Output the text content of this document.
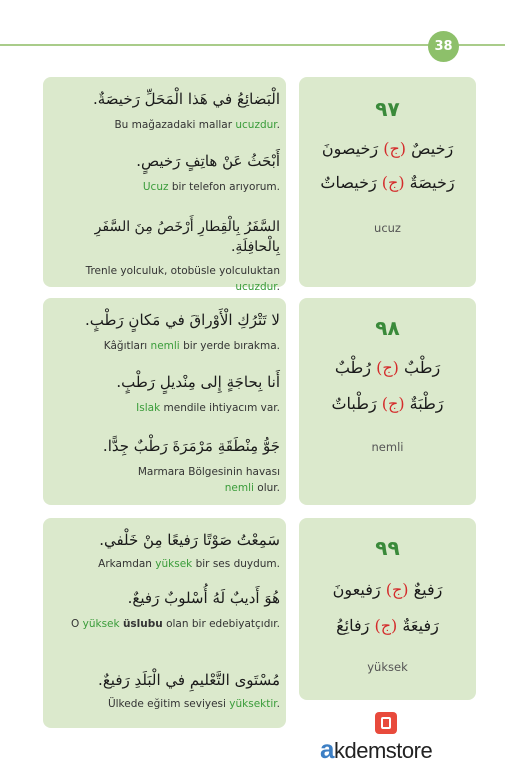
38
الْبَضائِعُ في هَذا الْمَحَلِّ رَخيصَةٌ.
Bu mağazadaki mallar ucuzdur.
أَبْحَثُ عَنْ هاتِفٍ رَخيصٍ.
Ucuz bir telefon arıyorum.
السَّفَرُ بِالْقِطارِ أَرْخَصُ مِنَ السَّفَرِ بِالْحافِلَةِ.
Trenle yolculuk, otobüsle yolculuktan
ucuzdur.
٩٧
رَخيصٌ (ج) رَخيصونَ
رَخيصَةٌ (ج) رَخيصاتٌ
ucuz
لا تَتْرُكِ الْأَوْراقَ في مَكانٍ رَطْبٍ.
Kâğıtları nemli bir yerde bırakma.
أَنا بِحاجَةٍ إِلى مِنْديلٍ رَطْبٍ.
Islak mendile ihtiyacım var.
جَوُّ مِنْطَقَةِ مَرْمَرَةَ رَطْبٌ جِدًّا.
Marmara Bölgesinin havası
nemli olur.
٩٨
رَطْبٌ (ج) رُطْبٌ
رَطْبَةٌ (ج) رَطْباتٌ
nemli
سَمِعْتُ صَوْتًا رَفيعًا مِنْ خَلْفي.
Arkamdan yüksek bir ses duydum.
هُوَ أَديبٌ لَهُ أُسْلوبٌ رَفيعٌ.
O yüksek üslubu olan bir edebiyatçıdır.
مُسْتَوى التَّعْليمِ في الْبَلَدِ رَفيعٌ.
Ülkede eğitim seviyesi yüksektir.
٩٩
رَفيعٌ (ج) رَفيعونَ
رَفيعَةٌ (ج) رَفائِعُ
yüksek
akdemstore
